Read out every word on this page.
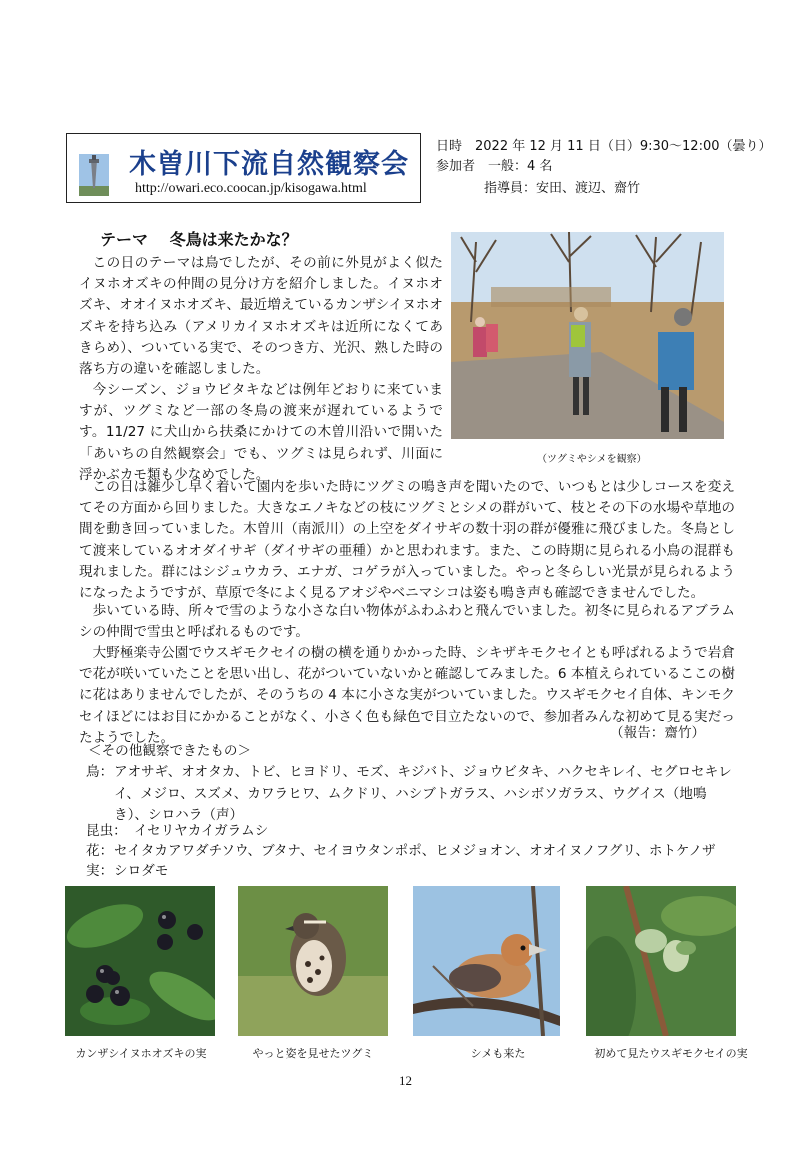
木曽川下流自然観察会
http://owari.eco.coocan.jp/kisogawa.html
日時　2022 年 12 月 11 日（日）9:30～12:00（曇り）
参加者　一般：4 名
指導員：安田、渡辺、齋竹
テーマ　 冬鳥は来たかな？
（ツグミやシメを観察）
この日のテーマは鳥でしたが、その前に外見がよく似たイヌホオズキの仲間の見分け方を紹介しました。イヌホオズキ、オオイヌホオズキ、最近増えているカンザシイヌホオズキを持ち込み（アメリカイヌホオズキは近所になくてあきらめ）、ついている実で、そのつき方、光沢、熟した時の落ち方の違いを確認しました。
今シーズン、ジョウビタキなどは例年どおりに来ていますが、ツグミなど一部の冬鳥の渡来が遅れているようです。11/27 に犬山から扶桑にかけての木曽川沿いで開いた「あいちの自然観察会」でも、ツグミは見られず、川面に浮かぶカモ類も少なめでした。
この日は雑少し早く着いて園内を歩いた時にツグミの鳴き声を聞いたので、いつもとは少しコースを変えてその方面から回りました。大きなエノキなどの枝にツグミとシメの群がいて、枝とその下の水場や草地の間を動き回っていました。木曽川（南派川）の上空をダイサギの数十羽の群が優雅に飛びました。冬鳥として渡来しているオオダイサギ（ダイサギの亜種）かと思われます。また、この時期に見られる小鳥の混群も現れました。群にはシジュウカラ、エナガ、コゲラが入っていました。やっと冬らしい光景が見られるようになったようですが、草原で冬によく見るアオジやベニマシコは姿も鳴き声も確認できませんでした。
歩いている時、所々で雪のような小さな白い物体がふわふわと飛んでいました。初冬に見られるアブラムシの仲間で雪虫と呼ばれるものです。
大野極楽寺公園でウスギモクセイの樹の横を通りかかった時、シキザキモクセイとも呼ばれるようで岩倉で花が咲いていたことを思い出し、花がついていないかと確認してみました。6 本植えられているここの樹に花はありませんでしたが、そのうちの 4 本に小さな実がついていました。ウスギモクセイ自体、キンモクセイほどにはお目にかかることがなく、小さく色も緑色で目立たないので、参加者みんな初めて見る実だったようでした。	（報告：齋竹）
＜その他観察できたもの＞
鳥： アオサギ、オオタカ、トビ、ヒヨドリ、モズ、キジバト、ジョウビタキ、ハクセキレイ、セグロセキレイ、メジロ、スズメ、カワラヒワ、ムクドリ、ハシブトガラス、ハシボソガラス、ウグイス（地鳴き）、シロハラ（声）
昆虫： イセリヤカイガラムシ
花： セイタカアワダチソウ、ブタナ、セイヨウタンポポ、ヒメジョオン、オオイヌノフグリ、ホトケノザ
実： シロダモ
カンザシイヌホオズキの実	やっと姿を見せたツグミ	シメも来た	初めて見たウスギモクセイの実
12
